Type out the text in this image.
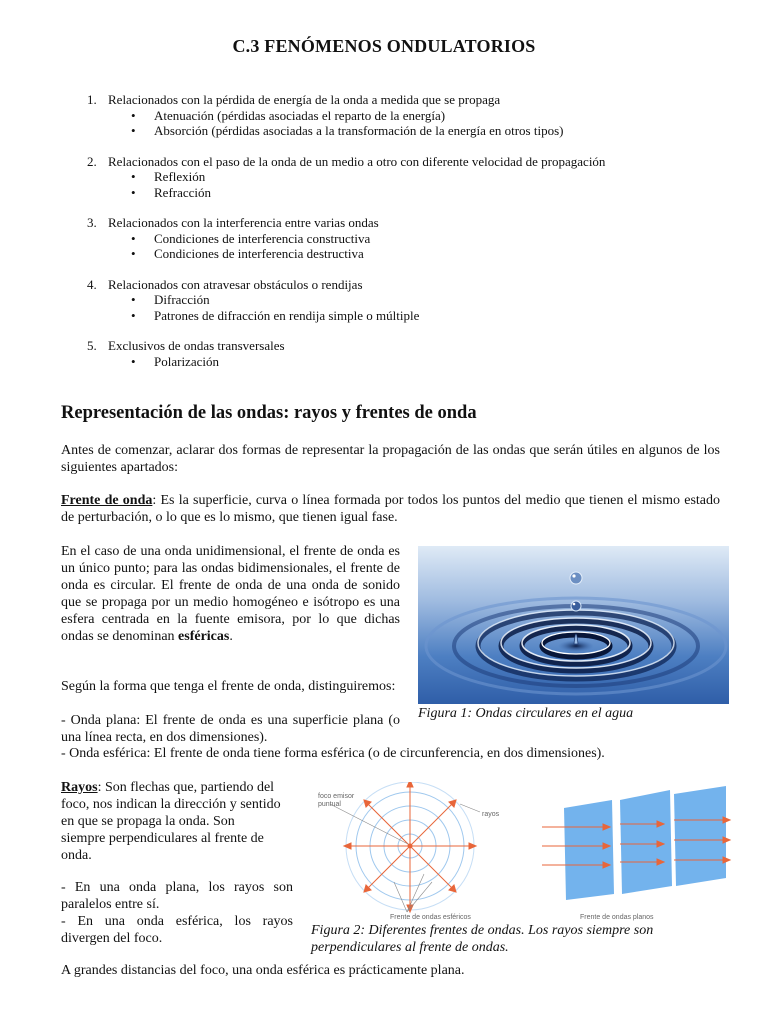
C.3 FENÓMENOS ONDULATORIOS
1. Relacionados con la pérdida de energía de la onda a medida que se propaga
• Atenuación (pérdidas asociadas el reparto de la energía)
• Absorción (pérdidas asociadas a la transformación de la energía en otros tipos)
2. Relacionados con el paso de la onda de un medio a otro con diferente velocidad de propagación
• Reflexión
• Refracción
3. Relacionados con la interferencia entre varias ondas
• Condiciones de interferencia constructiva
• Condiciones de interferencia destructiva
4. Relacionados con atravesar obstáculos o rendijas
• Difracción
• Patrones de difracción en rendija simple o múltiple
5. Exclusivos de ondas transversales
• Polarización
Representación de las ondas: rayos y frentes de onda
Antes de comenzar, aclarar dos formas de representar la propagación de las ondas que serán útiles en algunos de los siguientes apartados:
Frente de onda: Es la superficie, curva o línea formada por todos los puntos del medio que tienen el mismo estado de perturbación, o lo que es lo mismo, que tienen igual fase.
En el caso de una onda unidimensional, el frente de onda es un único punto; para las ondas bidimensionales, el frente de onda es circular. El frente de onda de una onda de sonido que se propaga por un medio homogéneo e isótropo es una esfera centrada en la fuente emisora, por lo que dichas ondas se denominan esféricas.
Según la forma que tenga el frente de onda, distinguiremos:
Figura 1: Ondas circulares en el agua
- Onda plana: El frente de onda es una superficie plana (o una línea recta, en dos dimensiones).
- Onda esférica: El frente de onda tiene forma esférica (o de circunferencia, en dos dimensiones).
Rayos: Son flechas que, partiendo del foco, nos indican la dirección y sentido en que se propaga la onda. Son siempre perpendiculares al frente de onda.
- En una onda plana, los rayos son paralelos entre sí.
- En una onda esférica, los rayos divergen del foco.
foco emisor
puntual
rayos
Frente de ondas esféricos	Frente de ondas planos
Figura 2: Diferentes frentes de ondas. Los rayos siempre son perpendiculares al frente de ondas.
A grandes distancias del foco, una onda esférica es prácticamente plana.
